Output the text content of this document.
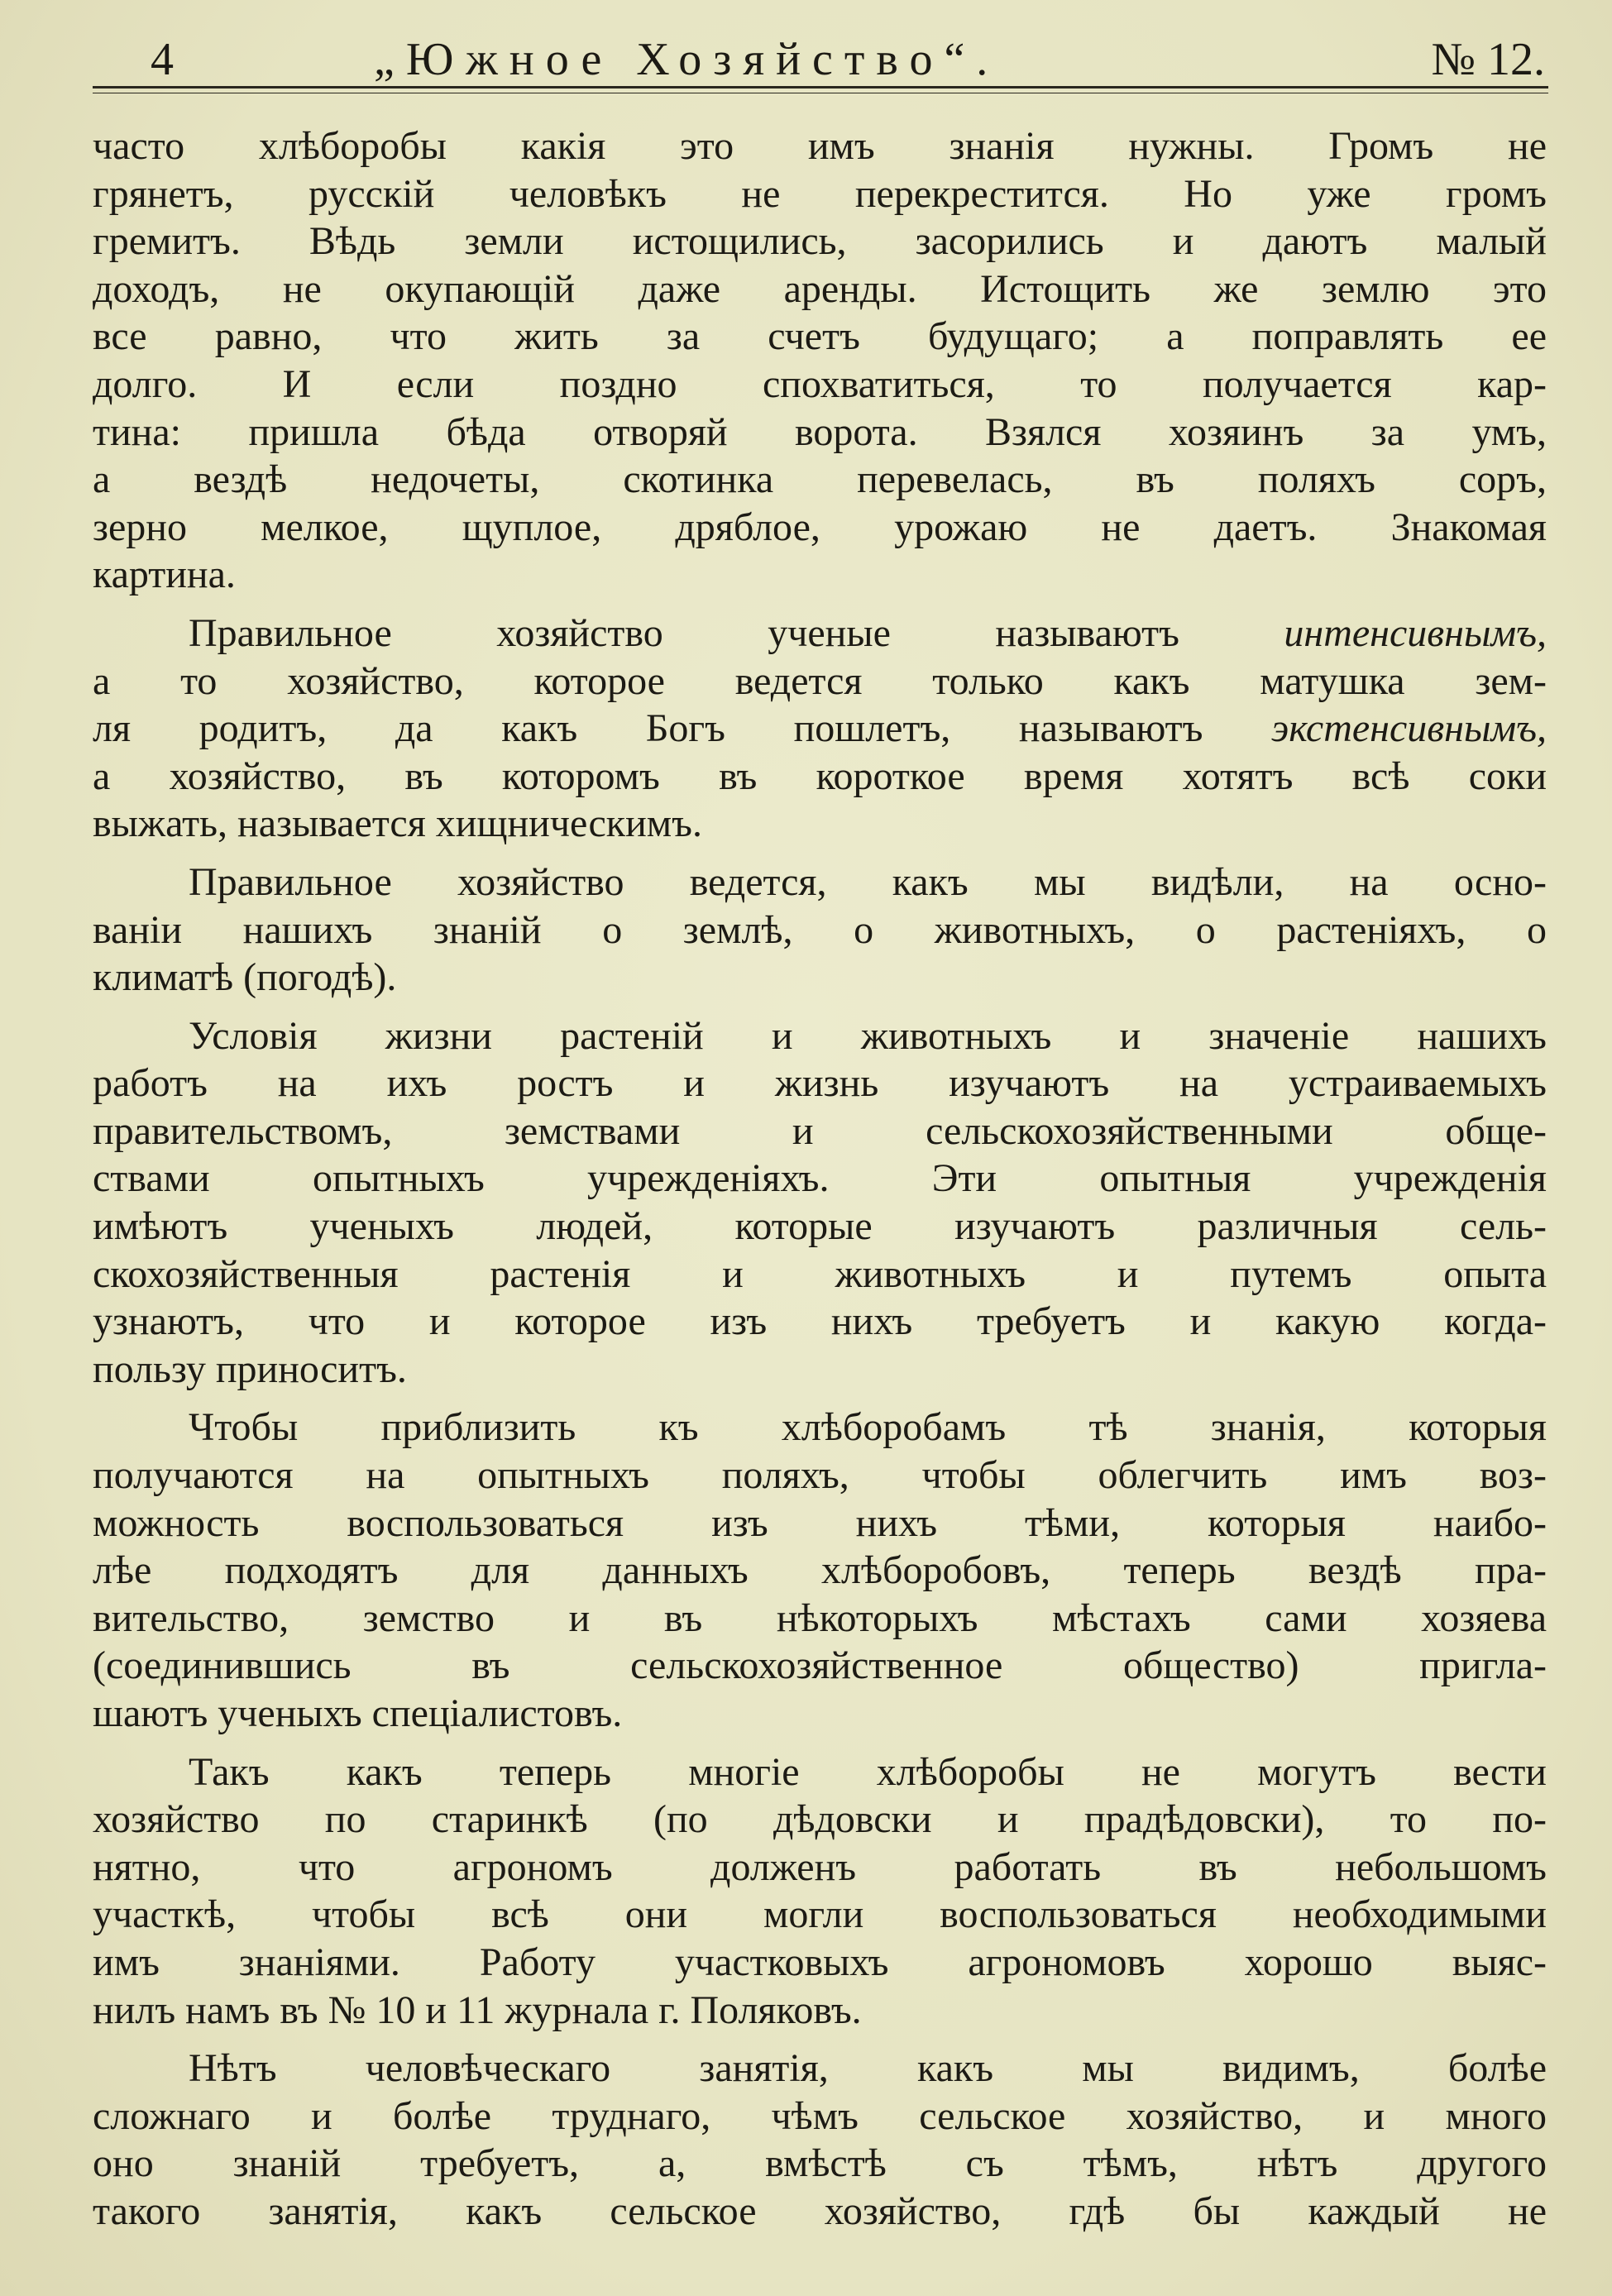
4	„Южное Хозяйство“.	№ 12.
часто хлѣборобы какія это имъ знанія нужны. Громъ не
грянетъ, русскій человѣкъ не перекрестится. Но уже громъ
гремитъ. Вѣдь земли истощились, засорились и даютъ малый
доходъ, не окупающій даже аренды. Истощить же землю это
все равно, что жить за счетъ будущаго; а поправлять ее
долго. И если поздно спохватиться, то получается кар-
тина: пришла бѣда отворяй ворота. Взялся хозяинъ за умъ,
а вездѣ недочеты, скотинка перевелась, въ поляхъ соръ,
зерно мелкое, щуплое, дряблое, урожаю не даетъ. Знакомая
картина.
Правильное хозяйство ученые называютъ интенсивнымъ,
а то хозяйство, которое ведется только какъ матушка зем-
ля родитъ, да какъ Богъ пошлетъ, называютъ экстенсивнымъ,
а хозяйство, въ которомъ въ короткое время хотятъ всѣ соки
выжать, называется хищническимъ.
Правильное хозяйство ведется, какъ мы видѣли, на осно-
ваніи нашихъ знаній о землѣ, о животныхъ, о растеніяхъ, о
климатѣ (погодѣ).
Условія жизни растеній и животныхъ и значеніе нашихъ
работъ на ихъ ростъ и жизнь изучаютъ на устраиваемыхъ
правительствомъ, земствами и сельскохозяйственными обще-
ствами опытныхъ учрежденіяхъ. Эти опытныя учрежденія
имѣютъ ученыхъ людей, которые изучаютъ различныя сель-
скохозяйственныя растенія и животныхъ и путемъ опыта
узнаютъ, что и которое изъ нихъ требуетъ и какую когда-
пользу приноситъ.
Чтобы приблизить къ хлѣборобамъ тѣ знанія, которыя
получаются на опытныхъ поляхъ, чтобы облегчить имъ воз-
можность воспользоваться изъ нихъ тѣми, которыя наибо-
лѣе подходятъ для данныхъ хлѣборобовъ, теперь вездѣ пра-
вительство, земство и въ нѣкоторыхъ мѣстахъ сами хозяева
(соединившись въ сельскохозяйственное общество) пригла-
шаютъ ученыхъ спеціалистовъ.
Такъ какъ теперь многіе хлѣборобы не могутъ вести
хозяйство по старинкѣ (по дѣдовски и прадѣдовски), то по-
нятно, что агрономъ долженъ работать въ небольшомъ
участкѣ, чтобы всѣ они могли воспользоваться необходимыми
имъ знаніями. Работу участковыхъ агрономовъ хорошо выяс-
нилъ намъ въ № 10 и 11 журнала г. Поляковъ.
Нѣтъ человѣческаго занятія, какъ мы видимъ, болѣе
сложнаго и болѣе труднаго, чѣмъ сельское хозяйство, и много
оно знаній требуетъ, а, вмѣстѣ съ тѣмъ, нѣтъ другого
такого занятія, какъ сельское хозяйство, гдѣ бы каждый не
